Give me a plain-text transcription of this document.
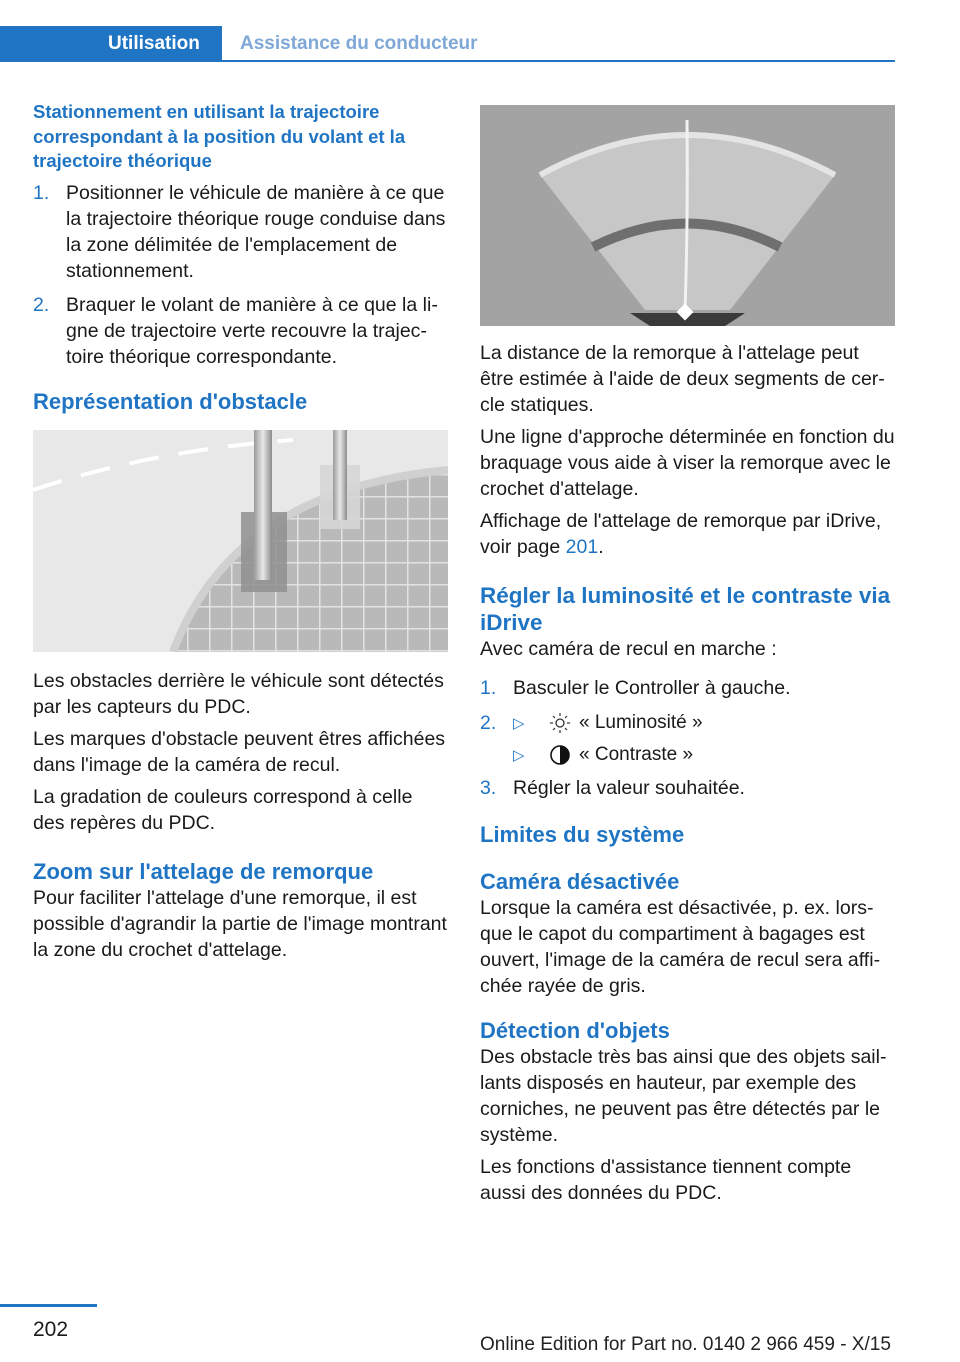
Utilisation Assistance du conducteur
Stationnement en utilisant la trajectoire correspondant à la position du volant et la trajectoire théorique
1. Positionner le véhicule de manière à ce que la trajectoire théorique rouge conduise dans la zone délimitée de l'emplacement de stationnement.
2. Braquer le volant de manière à ce que la ligne de trajectoire verte recouvre la trajectoire théorique correspondante.
Représentation d'obstacle

Les obstacles derrière le véhicule sont détectés par les capteurs du PDC.

Les marques d'obstacle peuvent êtres affichées dans l'image de la caméra de recul.

La gradation de couleurs correspond à celle des repères du PDC.

Zoom sur l'attelage de remorque

Pour faciliter l'attelage d'une remorque, il est possible d'agrandir la partie de l'image montrant la zone du crochet d'attelage.

La distance de la remorque à l'attelage peut être estimée à l'aide de deux segments de cercle statiques.

Une ligne d'approche déterminée en fonction du braquage vous aide à viser la remorque avec le crochet d'attelage.

Affichage de l'attelage de remorque par iDrive, voir page 201.

Régler la luminosité et le contraste via iDrive

Avec caméra de recul en marche :

1. Basculer le Controller à gauche.
2. ▷	« Luminosité »
▷	« Contraste »
3. Régler la valeur souhaitée.
Limites du système
Caméra désactivée

Lorsque la caméra est désactivée, p. ex. lorsque le capot du compartiment à bagages est ouvert, l'image de la caméra de recul sera affichée rayée de gris.

Détection d'objets

Des obstacle très bas ainsi que des objets saillants disposés en hauteur, par exemple des corniches, ne peuvent pas être détectés par le système.

Les fonctions d'assistance tiennent compte aussi des données du PDC.

202
Online Edition for Part no. 0140 2 966 459 - X/15
